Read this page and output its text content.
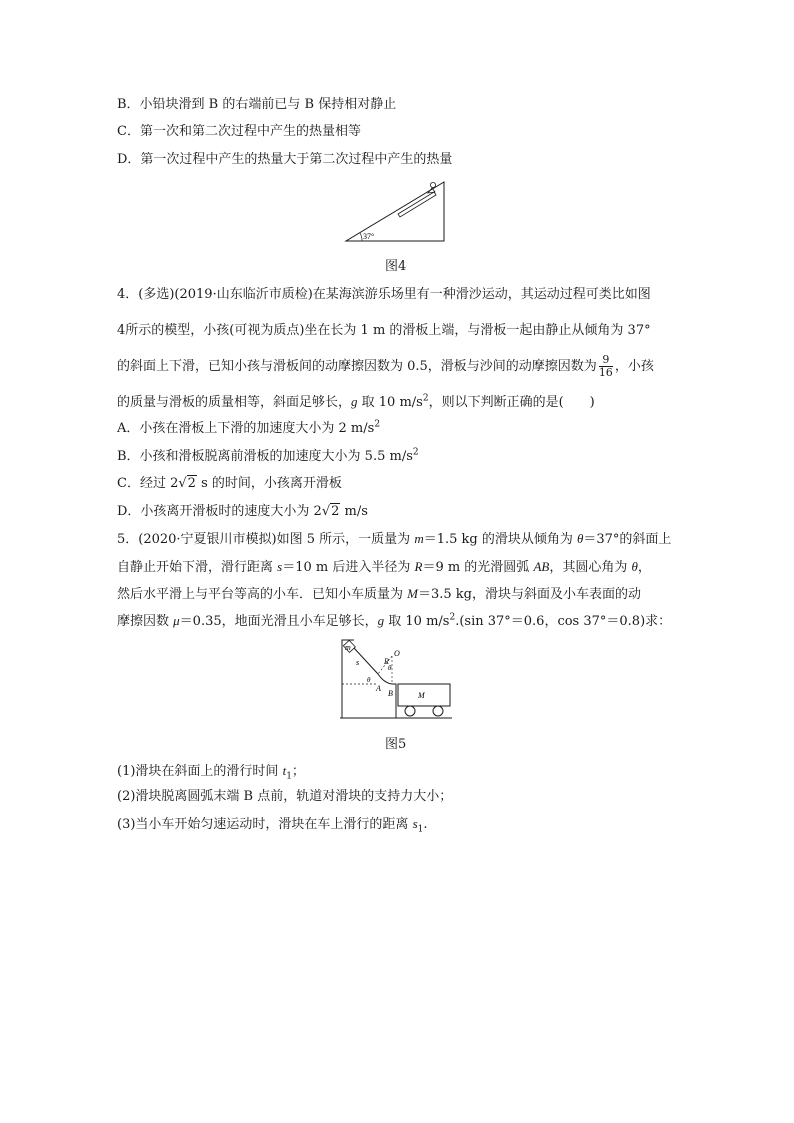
B．小铅块滑到 B 的右端前已与 B 保持相对静止
C．第一次和第二次过程中产生的热量相等
D．第一次过程中产生的热量大于第二次过程中产生的热量
37°
图4
4．(多选)(2019·山东临沂市质检)在某海滨游乐场里有一种滑沙运动，其运动过程可类比如图
4所示的模型，小孩(可视为质点)坐在长为 1 m 的滑板上端，与滑板一起由静止从倾角为 37°
的斜面上下滑，已知小孩与滑板间的动摩擦因数为 0.5，滑板与沙间的动摩擦因数为 $\frac{9}{16}$ ，小孩
的质量与滑板的质量相等，斜面足够长，g 取 10 $m/s^2$，则以下判断正确的是(　　)
A．小孩在滑板上下滑的加速度大小为 2 $m/s^2$
B．小孩和滑板脱离前滑板的加速度大小为 5.5 $m/s^2$
C．经过 2√2 s 的时间，小孩离开滑板
D．小孩离开滑板时的速度大小为 2√2 m/s
5．(2020·宁夏银川市模拟)如图 5 所示，一质量为 m＝1.5 kg 的滑块从倾角为 θ＝37°的斜面上
自静止开始下滑，滑行距离 s＝10 m 后进入半径为 R＝9 m 的光滑圆弧 AB，其圆心角为 θ，
然后水平滑上与平台等高的小车．已知小车质量为 M＝3.5 kg，滑块与斜面及小车表面的动
摩擦因数 μ＝0.35，地面光滑且小车足够长，g 取 10 $m/s^2.(\sin$ 37°＝0.6，cos 37°＝0.8)求：
m
s	R
O
θ
θ
A
B	M
图5
(1)滑块在斜面上的滑行时间 $t_1$；
(2)滑块脱离圆弧末端 B 点前，轨道对滑块的支持力大小；
(3)当小车开始匀速运动时，滑块在车上滑行的距离 $s_1$.
